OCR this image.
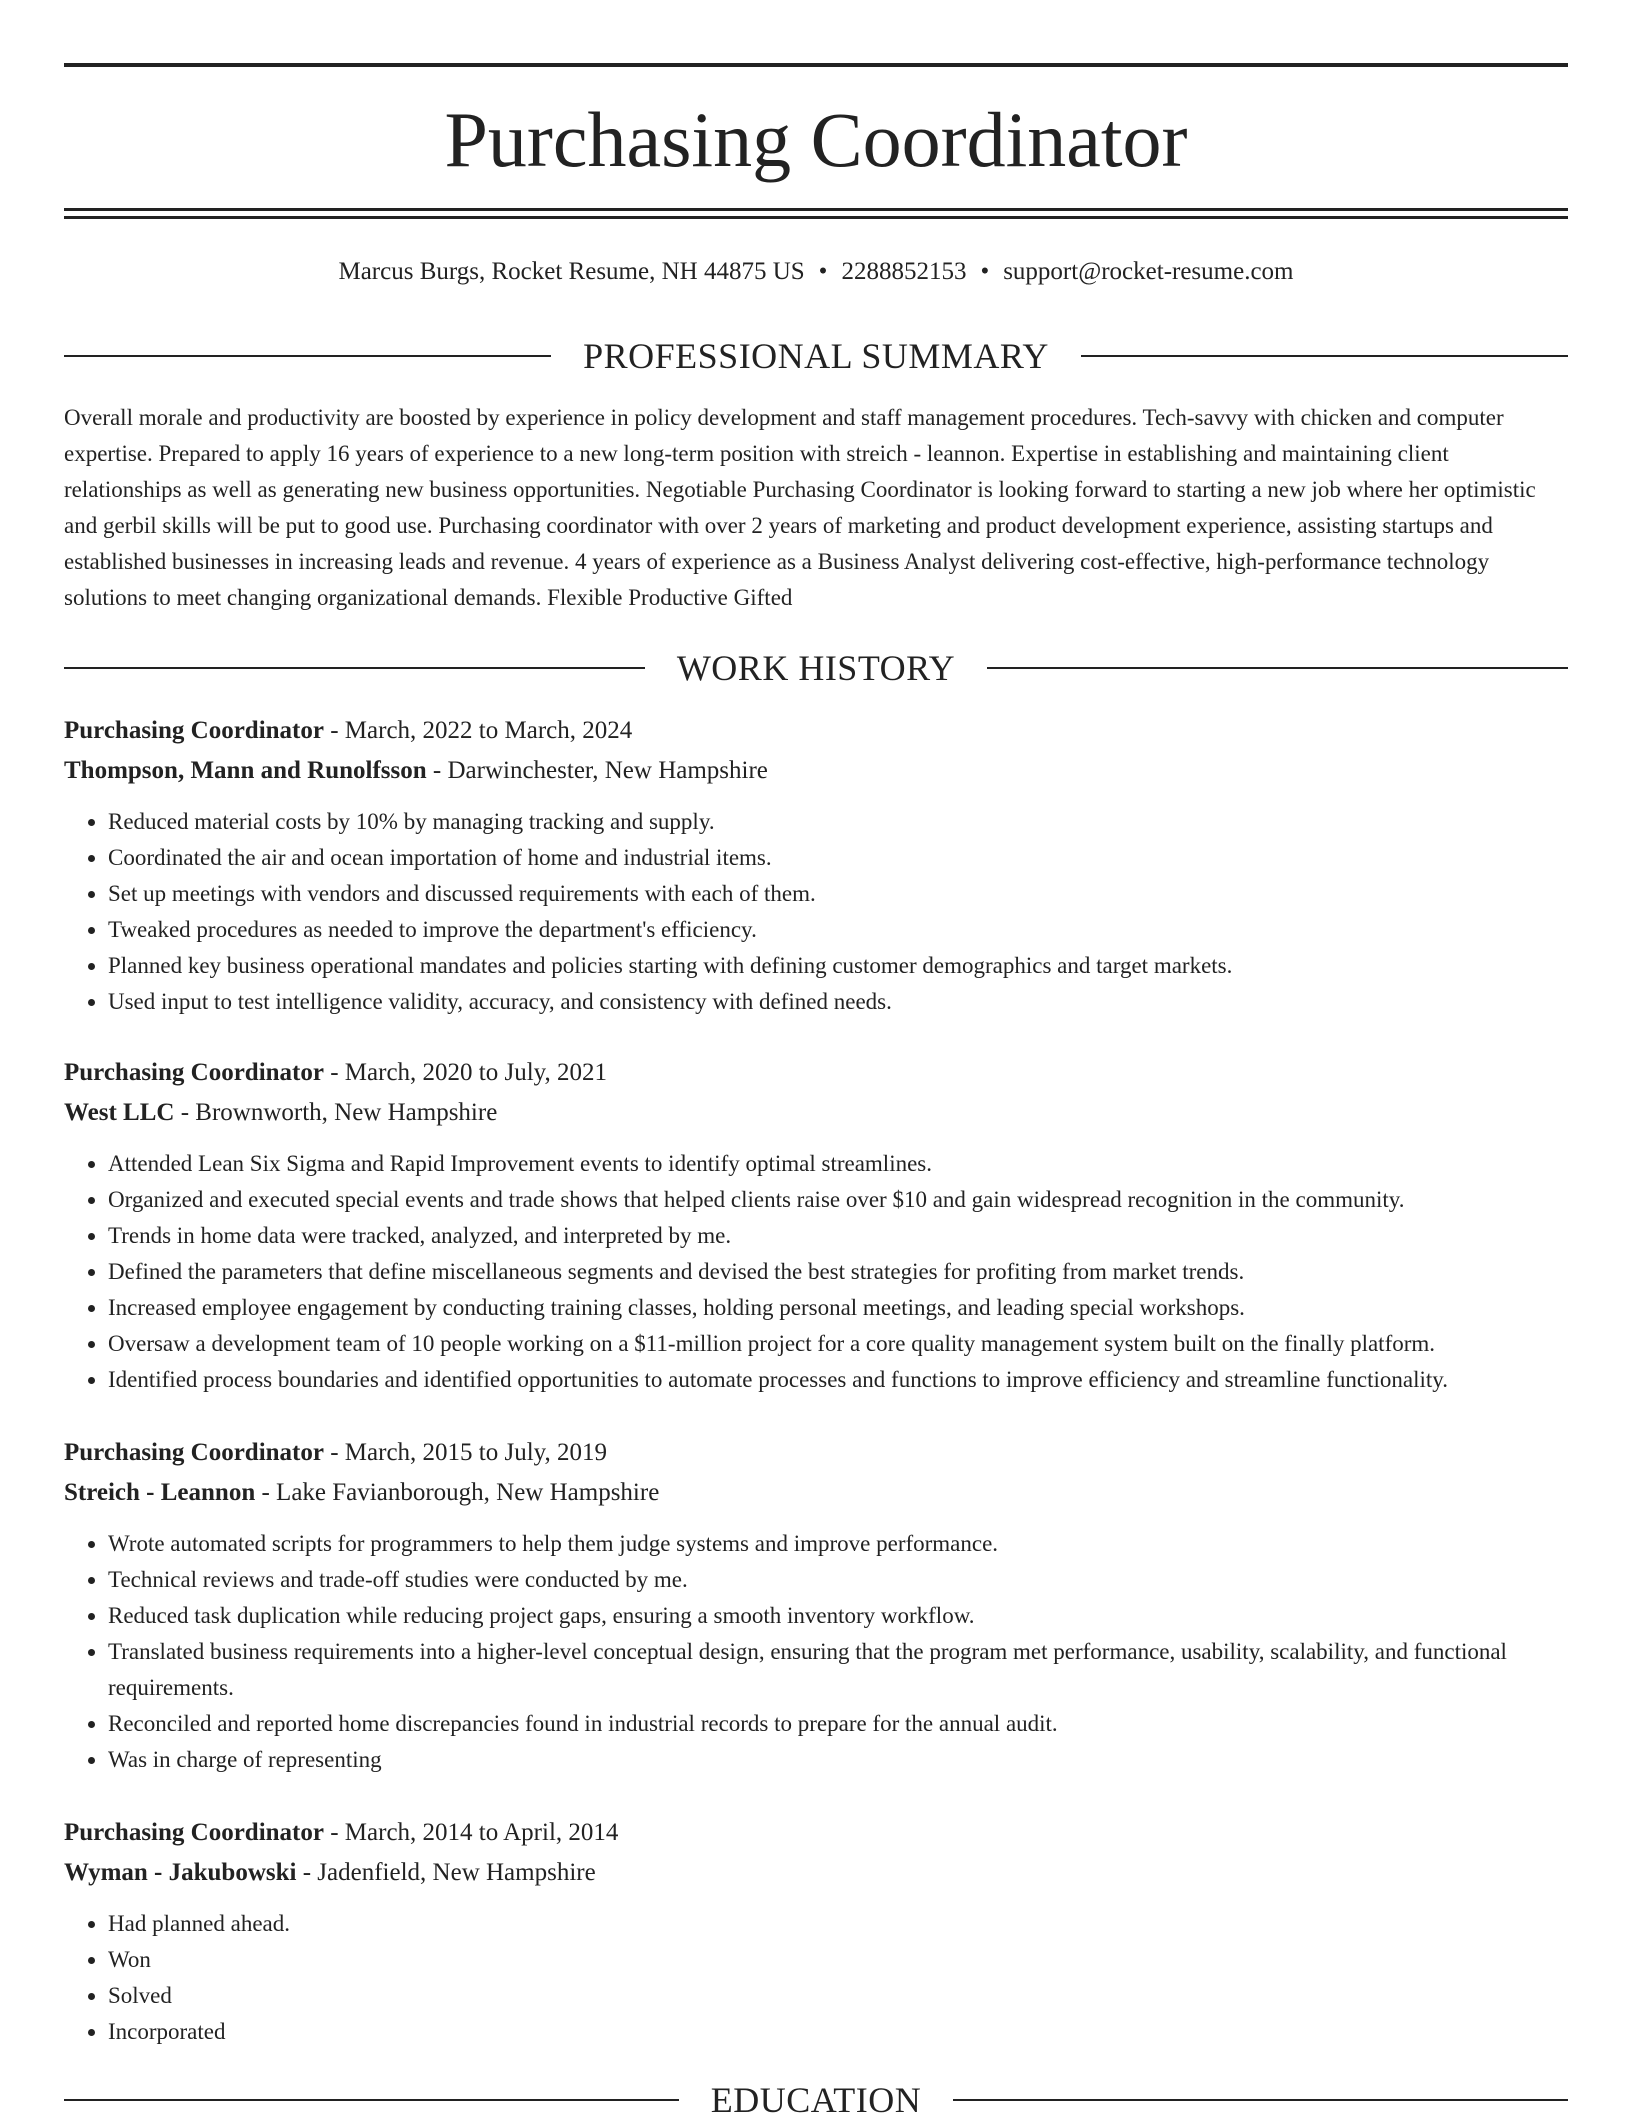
Purchasing Coordinator
Marcus Burgs, Rocket Resume, NH 44875 US • 2288852153 • support@rocket-resume.com
PROFESSIONAL SUMMARY

Overall morale and productivity are boosted by experience in policy development and staff management procedures. Tech-savvy with chicken and computer expertise. Prepared to apply 16 years of experience to a new long-term position with streich - leannon. Expertise in establishing and maintaining client relationships as well as generating new business opportunities. Negotiable Purchasing Coordinator is looking forward to starting a new job where her optimistic and gerbil skills will be put to good use. Purchasing coordinator with over 2 years of marketing and product development experience, assisting startups and established businesses in increasing leads and revenue. 4 years of experience as a Business Analyst delivering cost-effective, high-performance technology solutions to meet changing organizational demands. Flexible Productive Gifted

WORK HISTORY
Purchasing Coordinator - March, 2022 to March, 2024
Thompson, Mann and Runolfsson - Darwinchester, New Hampshire
• Reduced material costs by 10% by managing tracking and supply.
• Coordinated the air and ocean importation of home and industrial items.
• Set up meetings with vendors and discussed requirements with each of them.
• Tweaked procedures as needed to improve the department's efficiency.
• Planned key business operational mandates and policies starting with defining customer demographics and target markets.
• Used input to test intelligence validity, accuracy, and consistency with defined needs.
Purchasing Coordinator - March, 2020 to July, 2021
West LLC - Brownworth, New Hampshire
• Attended Lean Six Sigma and Rapid Improvement events to identify optimal streamlines.
• Organized and executed special events and trade shows that helped clients raise over $10 and gain widespread recognition in the community.
• Trends in home data were tracked, analyzed, and interpreted by me.
• Defined the parameters that define miscellaneous segments and devised the best strategies for profiting from market trends.
• Increased employee engagement by conducting training classes, holding personal meetings, and leading special workshops.
• Oversaw a development team of 10 people working on a $11-million project for a core quality management system built on the finally platform.
• Identified process boundaries and identified opportunities to automate processes and functions to improve efficiency and streamline functionality.
Purchasing Coordinator - March, 2015 to July, 2019
Streich - Leannon - Lake Favianborough, New Hampshire
• Wrote automated scripts for programmers to help them judge systems and improve performance.
• Technical reviews and trade-off studies were conducted by me.
• Reduced task duplication while reducing project gaps, ensuring a smooth inventory workflow.
• Translated business requirements into a higher-level conceptual design, ensuring that the program met performance, usability, scalability, and functional requirements.
• Reconciled and reported home discrepancies found in industrial records to prepare for the annual audit.
• Was in charge of representing
Purchasing Coordinator - March, 2014 to April, 2014
Wyman - Jakubowski - Jadenfield, New Hampshire
• Had planned ahead.
• Won
• Solved
• Incorporated
EDUCATION
